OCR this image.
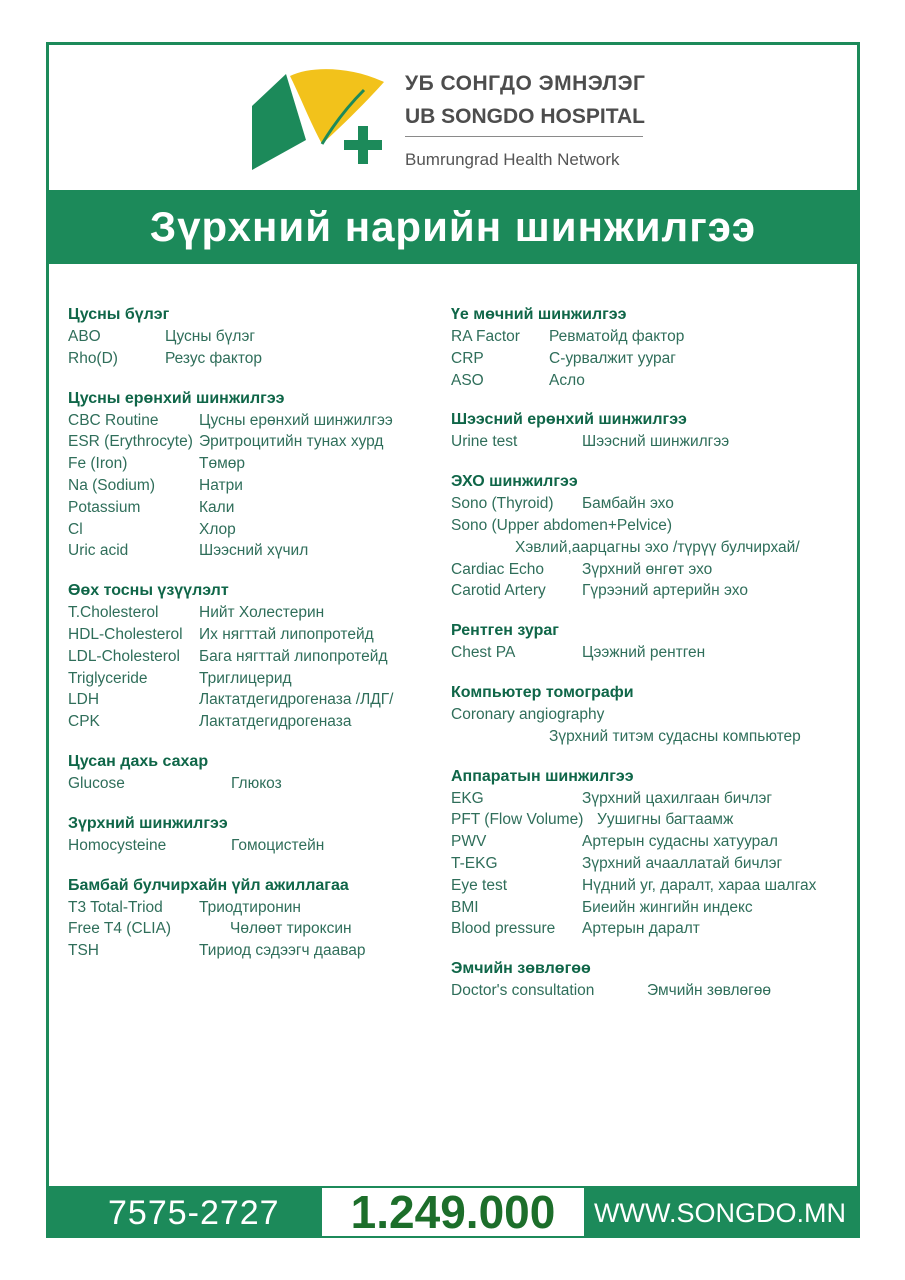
УБ СОНГДО ЭМНЭЛЭГ
UB SONGDO HOSPITAL
Bumrungrad Health Network
Зүрхний нарийн шинжилгээ
Цусны бүлэг
ABO	Цусны бүлэг
Rho(D)	Резус фактор
Цусны ерөнхий шинжилгээ
CBC Routine	Цусны ерөнхий шинжилгээ
ESR (Erythrocyte) Эритроцитийн тунах хурд
Fe (Iron)	Төмөр
Na (Sodium)	Натри
Potassium	Кали
Cl	Хлор
Uric acid	Шээсний хүчил
Өөх тосны үзүүлэлт
T.Cholesterol	Нийт Холестерин
HDL-Cholesterol Их нягттай липопротейд
LDL-Cholesterol Бага нягттай липопротейд
Triglyceride	Триглицерид
LDH	Лактатдегидрогеназа /ЛДГ/
CPK	Лактатдегидрогеназа
Цусан дахь сахар
Glucose	Глюкоз
Зүрхний шинжилгээ
Homocysteine	Гомоцистейн
Бамбай булчирхайн үйл ажиллагаа
T3 Total-Triod Триодтиронин
Free T4 (CLIA)	Чөлөөт тироксин
TSH	Тириод сэдээгч даавар
Үе мөчний шинжилгээ
RA Factor Ревматойд фактор
CRP	С-урвалжит уураг
ASO	Асло
Шээсний ерөнхий шинжилгээ
Urine test	Шээсний шинжилгээ
ЭХО шинжилгээ
Sono (Thyroid) Бамбайн эхо
Sono (Upper abdomen+Pelvice)
Хэвлий,аарцагны эхо /түрүү булчирхай/
Cardiac Echo Зүрхний өнгөт эхо
Carotid Artery Гүрээний артерийн эхо
Рентген зураг
Chest PA	Цээжний рентген
Компьютер томографи
Coronary angiography
Зүрхний титэм судасны компьютер
Аппаратын шинжилгээ
EKG	Зүрхний цахилгаан бичлэг
PFT (Flow Volume) Уушигны багтаамж
PWV	Артерын судасны хатуурал
T-EKG	Зүрхний ачааллатай бичлэг
Eye test	Нүдний уг, даралт, хараа шалгах
BMI	Биеийн жингийн индекс
Blood pressure Артерын даралт
Эмчийн зөвлөгөө
Doctor's consultation	Эмчийн зөвлөгөө
7575-2727 1.249.000 WWW.SONGDO.MN
